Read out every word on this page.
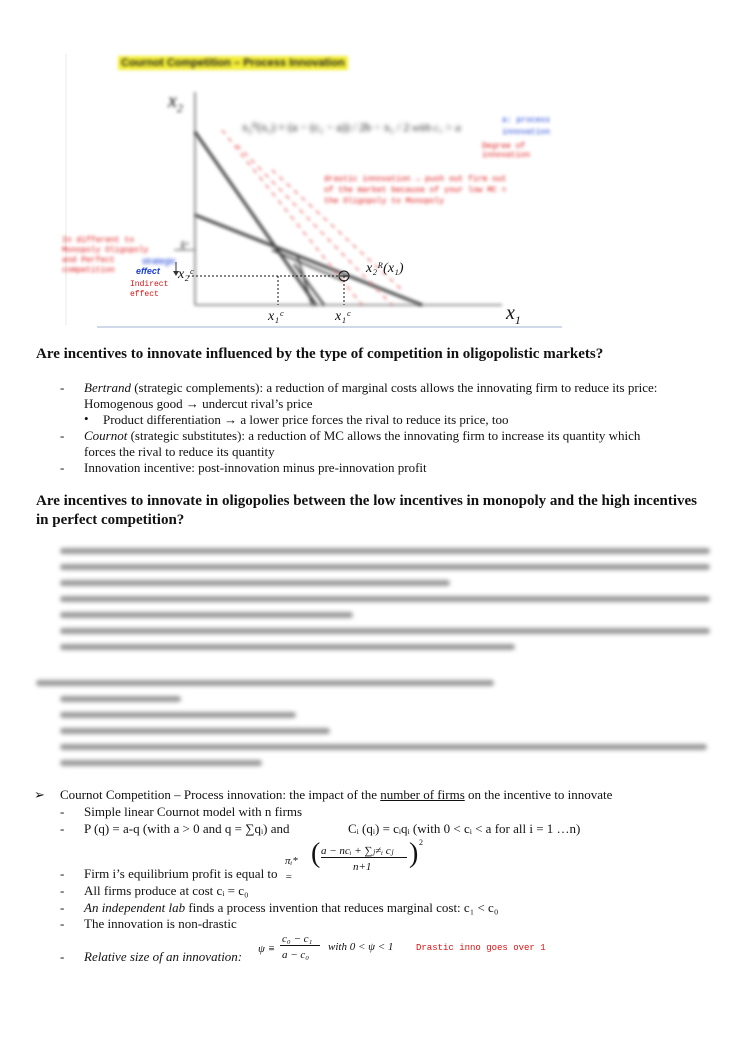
Cournot Competition – Process Innovation
$x_2$
$x_1$
x₂ᴿ(x₁) = (a − (c₁ − a)) / 2b − x₁ / 2 with c₁ > a
a: process
innovation
Degree of innovation
drastic innovation → push out firm out of the market because of your low MC = the Oligopoly to Monopoly
In different to Monopoly Oligopoly and Perfect competition
strategic
effect
Indirect
effect
x̂ᶜ
x₂ᶜ	x₂ᴿ(x₁)
x₁ᶜ	x₁ᶜ
Are incentives to innovate influenced by the type of competition in oligopolistic markets?
- Bertrand (strategic complements): a reduction of marginal costs allows the innovating firm to reduce its price:
Homogenous good → undercut rival’s price
• Product differentiation → a lower price forces the rival to reduce its price, too
- Cournot (strategic substitutes): a reduction of MC allows the innovating firm to increase its quantity which
forces the rival to reduce its quantity
- Innovation incentive: post-innovation minus pre-innovation profit
Are incentives to innovate in oligopolies between the low incentives in monopoly and the high incentives
in perfect competition?
➢ Cournot Competition – Process innovation: the impact of the number of firms on the incentive to innovate
- Simple linear Cournot model with n firms
- P (q) = a-q (with a > 0 and q = ∑qᵢ) and	Cᵢ (qᵢ) = cᵢqᵢ (with 0 < cᵢ < a for all i = 1 …n)
πᵢ* =
( a − ncᵢ + ∑ⱼ≠ᵢ cⱼ
n+1 ) 2
- Firm i’s equilibrium profit is equal to
- All firms produce at cost cᵢ = c₀
- An independent lab finds a process invention that reduces marginal cost: c₁ < c₀
- The innovation is non-drastic
- Relative size of an innovation: ψ ≡
c₀ − c₁
a − c₀
with 0 < ψ < 1	Drastic inno goes over 1
